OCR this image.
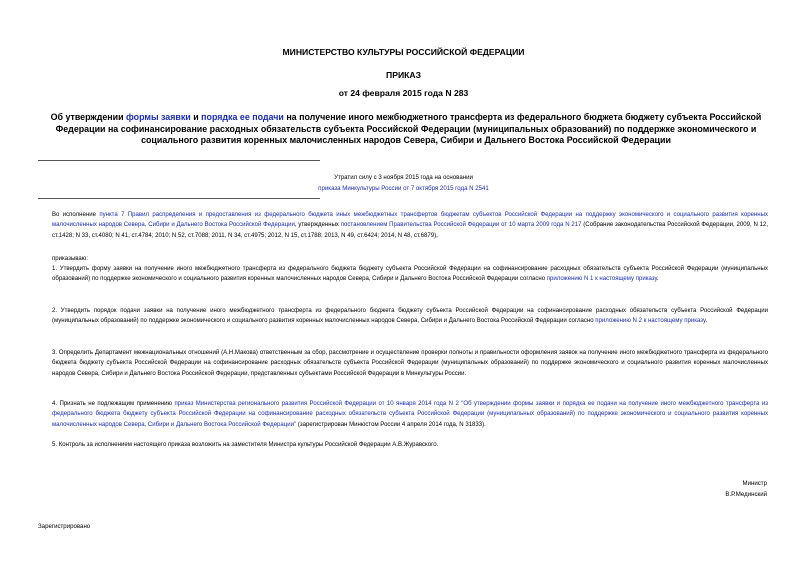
МИНИСТЕРСТВО КУЛЬТУРЫ РОССИЙСКОЙ ФЕДЕРАЦИИ
ПРИКАЗ
от 24 февраля 2015 года N 283
Об утверждении формы заявки и порядка ее подачи на получение иного межбюджетного трансферта из федерального бюджета бюджету субъекта Российской Федерации на софинансирование расходных обязательств субъекта Российской Федерации (муниципальных образований) по поддержке экономического и социального развития коренных малочисленных народов Севера, Сибири и Дальнего Востока Российской Федерации
Утратил силу с 3 ноября 2015 года на основании
приказа Минкультуры России от 7 октября 2015 года N 2541
Во исполнение пункта 7 Правил распределения и предоставления из федерального бюджета иных межбюджетных трансфертов бюджетам субъектов Российской Федерации на поддержку экономического и социального развития коренных малочисленных народов Севера, Сибири и Дальнего Востока Российской Федерации, утвержденных постановлением Правительства Российской Федерации от 10 марта 2009 года N 217 (Собрание законодательства Российской Федерации, 2009, N 12, ст.1428; N 33, ст.4080; N 41, ст.4784; 2010; N 52, ст.7088; 2011, N 34, ст.4975; 2012, N 15, ст.1788; 2013, N 49, ст.6424; 2014, N 48, ст.6879),
приказываю:
1. Утвердить форму заявки на получение иного межбюджетного трансферта из федерального бюджета бюджету субъекта Российской Федерации на софинансирование расходных обязательств субъекта Российской Федерации (муниципальных образований) по поддержке экономического и социального развития коренных малочисленных народов Севера, Сибири и Дальнего Востока Российской Федерации согласно приложению N 1 к настоящему приказу.
2. Утвердить порядок подачи заявки на получение иного межбюджетного трансферта из федерального бюджета бюджету субъекта Российской Федерации на софинансирование расходных обязательств субъекта Российской Федерации (муниципальных образований) по поддержке экономического и социального развития коренных малочисленных народов Севера, Сибири и Дальнего Востока Российской Федерации согласно приложению N 2 к настоящему приказу.
3. Определить Департамент межнациональных отношений (А.Н.Макова) ответственным за сбор, рассмотрение и осуществление проверки полноты и правильности оформления заявок на получение иного межбюджетного трансферта из федерального бюджета бюджету субъекта Российской Федерации на софинансирование расходных обязательств субъекта Российской Федерации (муниципальных образований) по поддержке экономического и социального развития коренных малочисленных народов Севера, Сибири и Дальнего Востока Российской Федерации, представленных субъектами Российской Федерации в Минкультуры России.
4. Признать не подлежащим применению приказ Министерства регионального развития Российской Федерации от 10 января 2014 года N 2 "Об утверждении формы заявки и порядка ее подачи на получение иного межбюджетного трансферта из федерального бюджета бюджету субъекта Российской Федерации на софинансирование расходных обязательств субъекта Российской Федерации (муниципальных образований) по поддержке экономического и социального развития коренных малочисленных народов Севера, Сибири и Дальнего Востока Российской Федерации" (зарегистрирован Минюстом России 4 апреля 2014 года, N 31833).
5. Контроль за исполнением настоящего приказа возложить на заместителя Министра культуры Российской Федерации А.В.Журавского.
Министр
В.Р.Мединский
Зарегистрировано
